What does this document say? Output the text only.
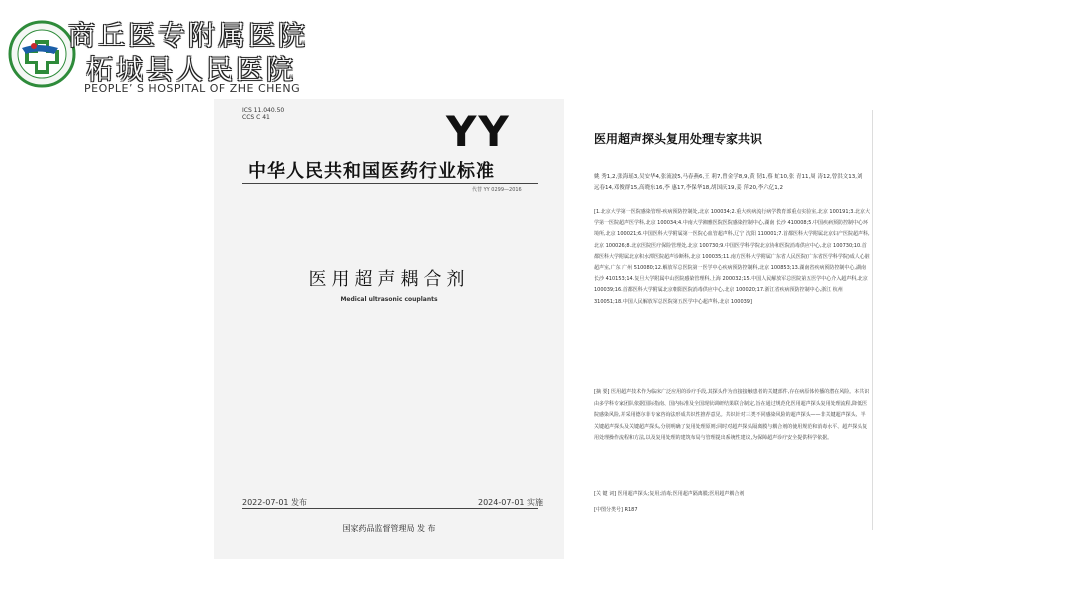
商丘医专附属医院
柘城县人民医院
PEOPLE’ S HOSPITAL OF ZHE CHENG
ICS 11.040.50
CCS C 41	YY
中华人民共和国医药行业标准
代替 YY 0299—2016
医用超声耦合剂
Medical ultrasonic couplants
2022-07-01 发布	2024-07-01 实施
国家药品监督管理局 发 布
医用超声探头复用处理专家共识
姚 秀1,2,张海瑶3,吴安华4,张流波5,马春燕6,王 莉7,曾金学8,9,黄 韧1,蔡 虻10,张 青11,周 涛12,曾洪文13,刘远春14,邓俊群15,高晓东16,李 惠17,李保华18,胡国庆19,姜 萍20,李六亿1,2
[1.北京大学第一医院感染管理-疾病预防控制处,北京 100034;2.重大疾病流行病学教育部重点实验室,北京 100191;3.北京大学第一医院超声医学科,北京 100034;4.中南大学湘雅医院医院感染控制中心,湖南 长沙 410008;5.中国疾病预防控制中心环境所,北京 100021;6.中国医科大学附属第一医院心血管超声科,辽宁 沈阳 110001;7.首都医科大学附属北京妇产医院超声科,北京 100026;8.北京医院医疗保险管理处,北京 100730;9.中国医学科学院北京协和医院消毒供应中心,北京 100730;10.首都医科大学附属北京积水潭医院超声诊断科,北京 100035;11.南方医科大学附属广东省人民医院(广东省医学科学院)成人心脏超声室,广东 广州 510080;12.解放军总医院第一医学中心疾病预防控制科,北京 100853;13.湖南省疾病预防控制中心,湖南 长沙 410153;14.复旦大学附属中山医院感染管理科,上海 200032;15.中国人民解放军总医院第五医学中心介入超声科,北京 100039;16.首都医科大学附属北京朝阳医院消毒供应中心,北京 100020;17.浙江省疾病预防控制中心,浙江 杭州 310051;18.中国人民解放军总医院第五医学中心超声科,北京 100039]
[摘 要] 医用超声技术作为临床广泛应用的诊疗手段,其探头作为直接接触患者的关键部件,存在病原体传播的潜在风险。本共识由多学科专家团队依据国际指南、国内标准及全国现状调研结果联合制定,旨在通过规范化医用超声探头复用处理流程,降低医院感染风险,并采用德尔菲专家咨询法形成共识性推荐意见。共识针对三类不同感染风险的超声探头——非关键超声探头、半关键超声探头及关键超声探头,分别明确了复用处理原则;同时对超声探头隔离膜与耦合剂的使用规范和消毒水平、超声探头复用处理操作流程和方法,以及复用处理的建筑布局与管理提出系统性建议,为保障超声诊疗安全提供科学依据。
[关 键 词] 医用超声探头;复用;消毒;医用超声隔离膜;医用超声耦合剂
[中图分类号] R187
